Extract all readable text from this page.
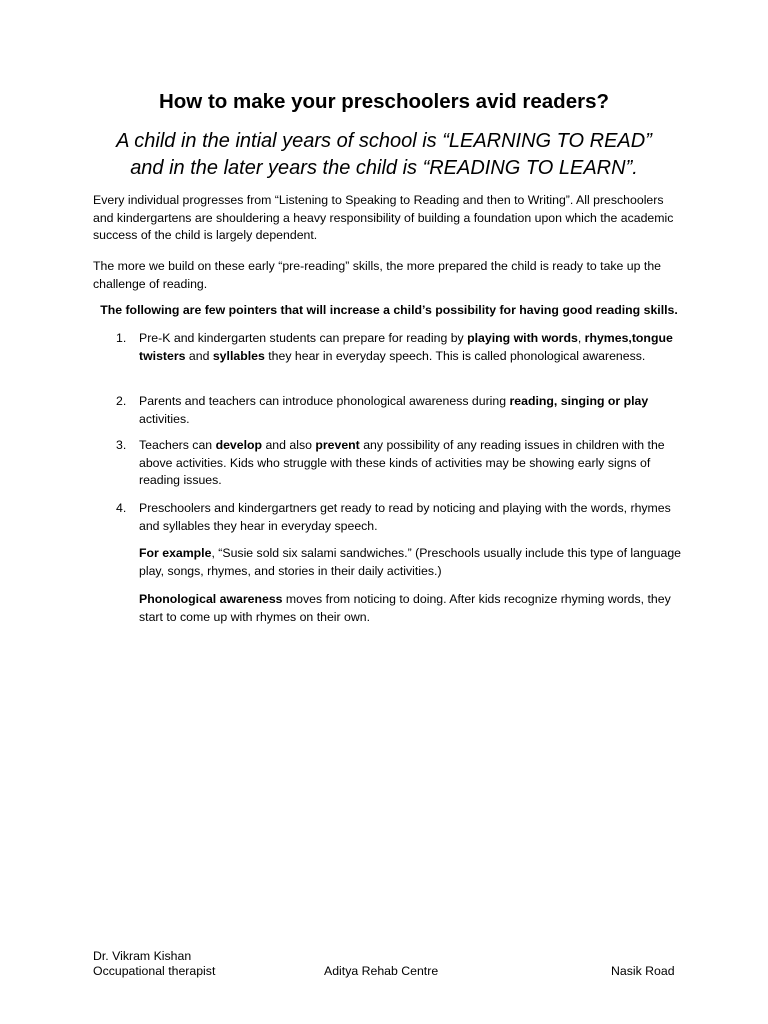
How to make your preschoolers avid readers?
A child in the intial years of school is “LEARNING TO READ”
and in the later years the child is “READING TO LEARN”.

Every individual progresses from “Listening to Speaking to Reading and then to Writing”. All preschoolers and kindergartens are shouldering a heavy responsibility of building a foundation upon which the academic success of the child is largely dependent.

The more we build on these early “pre-reading” skills, the more prepared the child is ready to take up the challenge of reading.

The following are few pointers that will increase a child’s possibility for having good reading skills.

1. Pre-K and kindergarten students can prepare for reading by playing with words, rhymes,tongue twisters and syllables they hear in everyday speech. This is called phonological awareness.
2. Parents and teachers can introduce phonological awareness during reading, singing or play activities.
3. Teachers can develop and also prevent any possibility of any reading issues in children with the above activities. Kids who struggle with these kinds of activities may be showing early signs of reading issues.
4. Preschoolers and kindergartners get ready to read by noticing and playing with the words, rhymes and syllables they hear in everyday speech.
For example, “Susie sold six salami sandwiches.” (Preschools usually include this type of language play, songs, rhymes, and stories in their daily activities.)
Phonological awareness moves from noticing to doing. After kids recognize rhyming words, they start to come up with rhymes on their own.
Dr. Vikram Kishan
Occupational therapist	Aditya Rehab Centre	Nasik Road
